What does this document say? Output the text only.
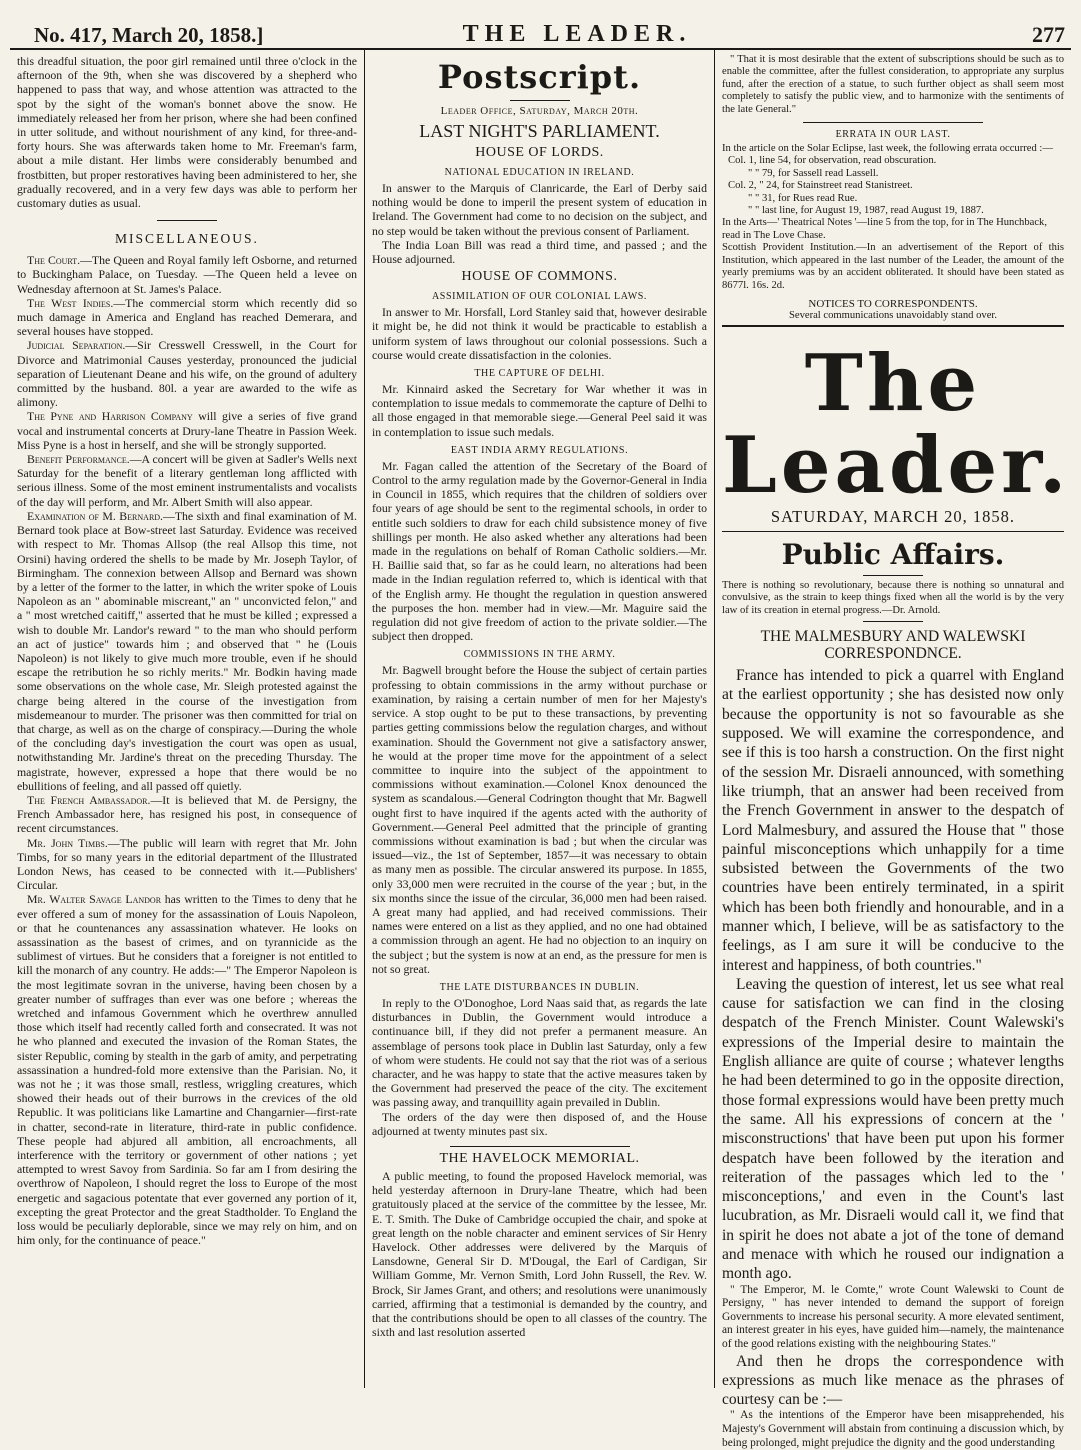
No. 417, March 20, 1858.]	THE LEADER.	277

this dreadful situation, the poor girl remained until three o'clock in the afternoon of the 9th, when she was discovered by a shepherd who happened to pass that way, and whose attention was attracted to the spot by the sight of the woman's bonnet above the snow. He immediately released her from her prison, where she had been confined in utter solitude, and without nourishment of any kind, for three-and-forty hours. She was afterwards taken home to Mr. Freeman's farm, about a mile distant. Her limbs were considerably benumbed and frostbitten, but proper restoratives having been administered to her, she gradually recovered, and in a very few days was able to perform her customary duties as usual.

MISCELLANEOUS.

The Court.—The Queen and Royal family left Osborne, and returned to Buckingham Palace, on Tuesday. —The Queen held a levee on Wednesday afternoon at St. James's Palace.

The West Indies.—The commercial storm which recently did so much damage in America and England has reached Demerara, and several houses have stopped.

Judicial Separation.—Sir Cresswell Cresswell, in the Court for Divorce and Matrimonial Causes yesterday, pronounced the judicial separation of Lieutenant Deane and his wife, on the ground of adultery committed by the husband. 80l. a year are awarded to the wife as alimony.

The Pyne and Harrison Company will give a series of five grand vocal and instrumental concerts at Drury-lane Theatre in Passion Week. Miss Pyne is a host in herself, and she will be strongly supported.

Benefit Performance.—A concert will be given at Sadler's Wells next Saturday for the benefit of a literary gentleman long afflicted with serious illness. Some of the most eminent instrumentalists and vocalists of the day will perform, and Mr. Albert Smith will also appear.

Examination of M. Bernard.—The sixth and final examination of M. Bernard took place at Bow-street last Saturday. Evidence was received with respect to Mr. Thomas Allsop (the real Allsop this time, not Orsini) having ordered the shells to be made by Mr. Joseph Taylor, of Birmingham. The connexion between Allsop and Bernard was shown by a letter of the former to the latter, in which the writer spoke of Louis Napoleon as an " abominable miscreant," an " unconvicted felon," and a " most wretched caitiff," asserted that he must be killed ; expressed a wish to double Mr. Landor's reward " to the man who should perform an act of justice" towards him ; and observed that " he (Louis Napoleon) is not likely to give much more trouble, even if he should escape the retribution he so richly merits." Mr. Bodkin having made some observations on the whole case, Mr. Sleigh protested against the charge being altered in the course of the investigation from misdemeanour to murder. The prisoner was then committed for trial on that charge, as well as on the charge of conspiracy.—During the whole of the concluding day's investigation the court was open as usual, notwithstanding Mr. Jardine's threat on the preceding Thursday. The magistrate, however, expressed a hope that there would be no ebullitions of feeling, and all passed off quietly.

The French Ambassador.—It is believed that M. de Persigny, the French Ambassador here, has resigned his post, in consequence of recent circumstances.

Mr. John Timbs.—The public will learn with regret that Mr. John Timbs, for so many years in the editorial department of the Illustrated London News, has ceased to be connected with it.—Publishers' Circular.

Mr. Walter Savage Landor has written to the Times to deny that he ever offered a sum of money for the assassination of Louis Napoleon, or that he countenances any assassination whatever. He looks on assassination as the basest of crimes, and on tyrannicide as the sublimest of virtues. But he considers that a foreigner is not entitled to kill the monarch of any country. He adds:—" The Emperor Napoleon is the most legitimate sovran in the universe, having been chosen by a greater number of suffrages than ever was one before ; whereas the wretched and infamous Government which he overthrew annulled those which itself had recently called forth and consecrated. It was not he who planned and executed the invasion of the Roman States, the sister Republic, coming by stealth in the garb of amity, and perpetrating assassination a hundred-fold more extensive than the Parisian. No, it was not he ; it was those small, restless, wriggling creatures, which showed their heads out of their burrows in the crevices of the old Republic. It was politicians like Lamartine and Changarnier—first-rate in chatter, second-rate in literature, third-rate in public confidence. These people had abjured all ambition, all encroachments, all interference with the territory or government of other nations ; yet attempted to wrest Savoy from Sardinia. So far am I from desiring the overthrow of Napoleon, I should regret the loss to Europe of the most energetic and sagacious potentate that ever governed any portion of it, excepting the great Protector and the great Stadtholder. To England the loss would be peculiarly deplorable, since we may rely on him, and on him only, for the continuance of peace."

Postscript.
Leader Office, Saturday, March 20th.
LAST NIGHT'S PARLIAMENT.
HOUSE OF LORDS.
NATIONAL EDUCATION IN IRELAND.

In answer to the Marquis of Clanricarde, the Earl of Derby said nothing would be done to imperil the present system of education in Ireland. The Government had come to no decision on the subject, and no step would be taken without the previous consent of Parliament.

The India Loan Bill was read a third time, and passed ; and the House adjourned.

HOUSE OF COMMONS.
ASSIMILATION OF OUR COLONIAL LAWS.

In answer to Mr. Horsfall, Lord Stanley said that, however desirable it might be, he did not think it would be practicable to establish a uniform system of laws throughout our colonial possessions. Such a course would create dissatisfaction in the colonies.

THE CAPTURE OF DELHI.

Mr. Kinnaird asked the Secretary for War whether it was in contemplation to issue medals to commemorate the capture of Delhi to all those engaged in that memorable siege.—General Peel said it was in contemplation to issue such medals.

EAST INDIA ARMY REGULATIONS.

Mr. Fagan called the attention of the Secretary of the Board of Control to the army regulation made by the Governor-General in India in Council in 1855, which requires that the children of soldiers over four years of age should be sent to the regimental schools, in order to entitle such soldiers to draw for each child subsistence money of five shillings per month. He also asked whether any alterations had been made in the regulations on behalf of Roman Catholic soldiers.—Mr. H. Baillie said that, so far as he could learn, no alterations had been made in the Indian regulation referred to, which is identical with that of the English army. He thought the regulation in question answered the purposes the hon. member had in view.—Mr. Maguire said the regulation did not give freedom of action to the private soldier.—The subject then dropped.

COMMISSIONS IN THE ARMY.

Mr. Bagwell brought before the House the subject of certain parties professing to obtain commissions in the army without purchase or examination, by raising a certain number of men for her Majesty's service. A stop ought to be put to these transactions, by preventing parties getting commissions below the regulation charges, and without examination. Should the Government not give a satisfactory answer, he would at the proper time move for the appointment of a select committee to inquire into the subject of the appointment to commissions without examination.—Colonel Knox denounced the system as scandalous.—General Codrington thought that Mr. Bagwell ought first to have inquired if the agents acted with the authority of Government.—General Peel admitted that the principle of granting commissions without examination is bad ; but when the circular was issued—viz., the 1st of September, 1857—it was necessary to obtain as many men as possible. The circular answered its purpose. In 1855, only 33,000 men were recruited in the course of the year ; but, in the six months since the issue of the circular, 36,000 men had been raised. A great many had applied, and had received commissions. Their names were entered on a list as they applied, and no one had obtained a commission through an agent. He had no objection to an inquiry on the subject ; but the system is now at an end, as the pressure for men is not so great.

THE LATE DISTURBANCES IN DUBLIN.

In reply to the O'Donoghoe, Lord Naas said that, as regards the late disturbances in Dublin, the Government would introduce a continuance bill, if they did not prefer a permanent measure. An assemblage of persons took place in Dublin last Saturday, only a few of whom were students. He could not say that the riot was of a serious character, and he was happy to state that the active measures taken by the Government had preserved the peace of the city. The excitement was passing away, and tranquillity again prevailed in Dublin.

The orders of the day were then disposed of, and the House adjourned at twenty minutes past six.

THE HAVELOCK MEMORIAL.

A public meeting, to found the proposed Havelock memorial, was held yesterday afternoon in Drury-lane Theatre, which had been gratuitously placed at the service of the committee by the lessee, Mr. E. T. Smith. The Duke of Cambridge occupied the chair, and spoke at great length on the noble character and eminent services of Sir Henry Havelock. Other addresses were delivered by the Marquis of Lansdowne, General Sir D. M'Dougal, the Earl of Cardigan, Sir William Gomme, Mr. Vernon Smith, Lord John Russell, the Rev. W. Brock, Sir James Grant, and others; and resolutions were unanimously carried, affirming that a testimonial is demanded by the country, and that the contributions should be open to all classes of the country. The sixth and last resolution asserted

" That it is most desirable that the extent of subscriptions should be such as to enable the committee, after the fullest consideration, to appropriate any surplus fund, after the erection of a statue, to such further object as shall seem most completely to satisfy the public view, and to harmonize with the sentiments of the late General."

ERRATA IN OUR LAST.
In the article on the Solar Eclipse, last week, the following errata occurred :—
Col. 1, line 54, for observation, read obscuration.
" " 79, for Sassell read Lassell.
Col. 2, " 24, for Stainstreet read Stanistreet.
" " 31, for Rues read Rue.
" " last line, for August 19, 1987, read August 19, 1887.
In the Arts—' Theatrical Notes '—line 5 from the top, for in The Hunchback, read in The Love Chase.

Scottish Provident Institution.—In an advertisement of the Report of this Institution, which appeared in the last number of the Leader, the amount of the yearly premiums was by an accident obliterated. It should have been stated as 8677l. 16s. 2d.

NOTICES TO CORRESPONDENTS.
Several communications unavoidably stand over.
The Leader.
SATURDAY, MARCH 20, 1858.
Public Affairs.
There is nothing so revolutionary, because there is nothing so unnatural and convulsive, as the strain to keep things fixed when all the world is by the very law of its creation in eternal progress.—Dr. Arnold.
THE MALMESBURY AND WALEWSKI CORRESPONDNCE.

France has intended to pick a quarrel with England at the earliest opportunity ; she has desisted now only because the opportunity is not so favourable as she supposed. We will examine the correspondence, and see if this is too harsh a construction. On the first night of the session Mr. Disraeli announced, with something like triumph, that an answer had been received from the French Government in answer to the despatch of Lord Malmesbury, and assured the House that " those painful misconceptions which unhappily for a time subsisted between the Governments of the two countries have been entirely terminated, in a spirit which has been both friendly and honourable, and in a manner which, I believe, will be as satisfactory to the feelings, as I am sure it will be conducive to the interest and happiness, of both countries."

Leaving the question of interest, let us see what real cause for satisfaction we can find in the closing despatch of the French Minister. Count Walewski's expressions of the Imperial desire to maintain the English alliance are quite of course ; whatever lengths he had been determined to go in the opposite direction, those formal expressions would have been pretty much the same. All his expressions of concern at the ' misconstructions' that have been put upon his former despatch have been followed by the iteration and reiteration of the passages which led to the ' misconceptions,' and even in the Count's last lucubration, as Mr. Disraeli would call it, we find that in spirit he does not abate a jot of the tone of demand and menace with which he roused our indignation a month ago.

" The Emperor, M. le Comte," wrote Count Walewski to Count de Persigny, " has never intended to demand the support of foreign Governments to increase his personal security. A more elevated sentiment, an interest greater in his eyes, have guided him—namely, the maintenance of the good relations existing with the neighbouring States."

And then he drops the correspondence with expressions as much like menace as the phrases of courtesy can be :—

" As the intentions of the Emperor have been misapprehended, his Majesty's Government will abstain from continuing a discussion which, by being prolonged, might prejudice the dignity and the good understanding
